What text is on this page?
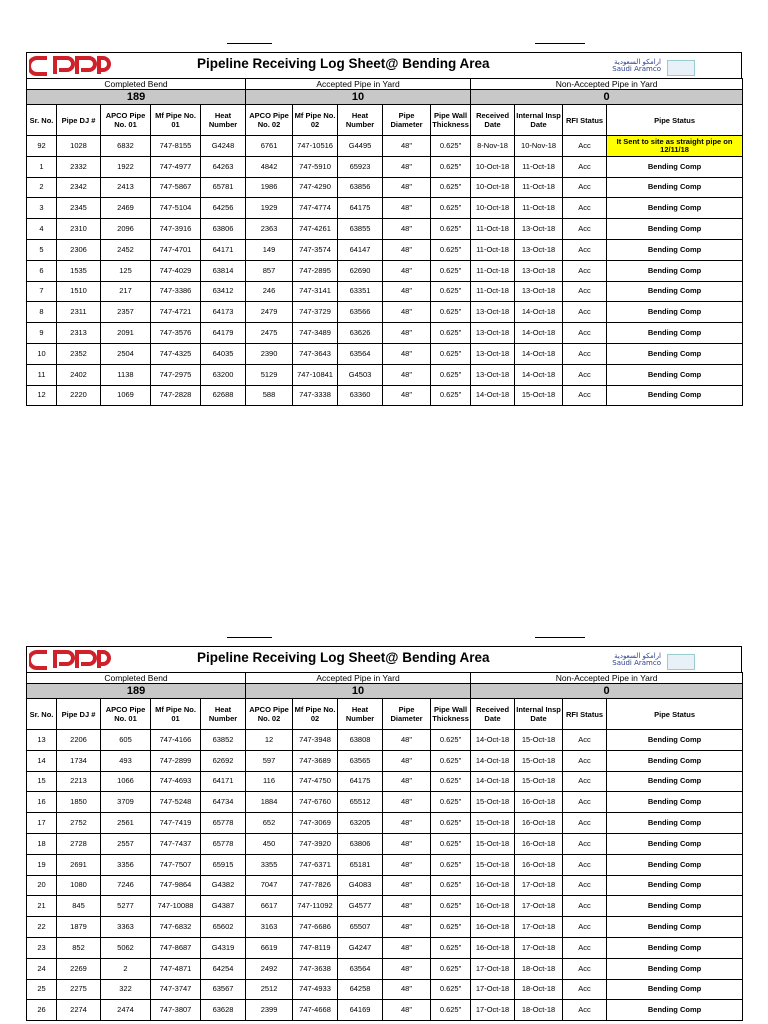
Pipeline Receiving Log Sheet@ Bending Area	ارامكو السعودية
Saudi Aramco
Completed Bend					Accepted Pipe in Yard					Non-Accepted Pipe in Yard			
189					10					0			
Sr. No.	Pipe DJ #	APCO Pipe No. 01	Mf Pipe No. 01	Heat Number	APCO Pipe No. 02	Mf Pipe No. 02	Heat Number	Pipe Diameter	Pipe Wall Thickness	Received Date	Internal Insp Date	RFI Status	Pipe Status
92	1028	6832	747-8155	G4248	6761	747-10516	G4495	48"	0.625"	8-Nov-18	10-Nov-18	Acc	It Sent to site as straight pipe on 12/11/18
1	2332	1922	747-4977	64263	4842	747-5910	65923	48"	0.625"	10-Oct-18	11-Oct-18	Acc	Bending Comp
2	2342	2413	747-5867	65781	1986	747-4290	63856	48"	0.625"	10-Oct-18	11-Oct-18	Acc	Bending Comp
3	2345	2469	747-5104	64256	1929	747-4774	64175	48"	0.625"	10-Oct-18	11-Oct-18	Acc	Bending Comp
4	2310	2096	747-3916	63806	2363	747-4261	63855	48"	0.625"	11-Oct-18	13-Oct-18	Acc	Bending Comp
5	2306	2452	747-4701	64171	149	747-3574	64147	48"	0.625"	11-Oct-18	13-Oct-18	Acc	Bending Comp
6	1535	125	747-4029	63814	857	747-2895	62690	48"	0.625"	11-Oct-18	13-Oct-18	Acc	Bending Comp
7	1510	217	747-3386	63412	246	747-3141	63351	48"	0.625"	11-Oct-18	13-Oct-18	Acc	Bending Comp
8	2311	2357	747-4721	64173	2479	747-3729	63566	48"	0.625"	13-Oct-18	14-Oct-18	Acc	Bending Comp
9	2313	2091	747-3576	64179	2475	747-3489	63626	48"	0.625"	13-Oct-18	14-Oct-18	Acc	Bending Comp
10	2352	2504	747-4325	64035	2390	747-3643	63564	48"	0.625"	13-Oct-18	14-Oct-18	Acc	Bending Comp
11	2402	1138	747-2975	63200	5129	747-10841	G4503	48"	0.625"	13-Oct-18	14-Oct-18	Acc	Bending Comp
12	2220	1069	747-2828	62688	588	747-3338	63360	48"	0.625"	14-Oct-18	15-Oct-18	Acc	Bending Comp
Pipeline Receiving Log Sheet@ Bending Area	ارامكو السعودية
Saudi Aramco
Completed Bend					Accepted Pipe in Yard					Non-Accepted Pipe in Yard			
189					10					0			
Sr. No.	Pipe DJ #	APCO Pipe No. 01	Mf Pipe No. 01	Heat Number	APCO Pipe No. 02	Mf Pipe No. 02	Heat Number	Pipe Diameter	Pipe Wall Thickness	Received Date	Internal Insp Date	RFI Status	Pipe Status
13	2206	605	747-4166	63852	12	747-3948	63808	48"	0.625"	14-Oct-18	15-Oct-18	Acc	Bending Comp
14	1734	493	747-2899	62692	597	747-3689	63565	48"	0.625"	14-Oct-18	15-Oct-18	Acc	Bending Comp
15	2213	1066	747-4693	64171	116	747-4750	64175	48"	0.625"	14-Oct-18	15-Oct-18	Acc	Bending Comp
16	1850	3709	747-5248	64734	1884	747-6760	65512	48"	0.625"	15-Oct-18	16-Oct-18	Acc	Bending Comp
17	2752	2561	747-7419	65778	652	747-3069	63205	48"	0.625"	15-Oct-18	16-Oct-18	Acc	Bending Comp
18	2728	2557	747-7437	65778	450	747-3920	63806	48"	0.625"	15-Oct-18	16-Oct-18	Acc	Bending Comp
19	2691	3356	747-7507	65915	3355	747-6371	65181	48"	0.625"	15-Oct-18	16-Oct-18	Acc	Bending Comp
20	1080	7246	747-9864	G4382	7047	747-7826	G4083	48"	0.625"	16-Oct-18	17-Oct-18	Acc	Bending Comp
21	845	5277	747-10088	G4387	6617	747-11092	G4577	48"	0.625"	16-Oct-18	17-Oct-18	Acc	Bending Comp
22	1879	3363	747-6832	65602	3163	747-6686	65507	48"	0.625"	16-Oct-18	17-Oct-18	Acc	Bending Comp
23	852	5062	747-8687	G4319	6619	747-8119	G4247	48"	0.625"	16-Oct-18	17-Oct-18	Acc	Bending Comp
24	2269	2	747-4871	64254	2492	747-3638	63564	48"	0.625"	17-Oct-18	18-Oct-18	Acc	Bending Comp
25	2275	322	747-3747	63567	2512	747-4933	64258	48"	0.625"	17-Oct-18	18-Oct-18	Acc	Bending Comp
26	2274	2474	747-3807	63628	2399	747-4668	64169	48"	0.625"	17-Oct-18	18-Oct-18	Acc	Bending Comp
